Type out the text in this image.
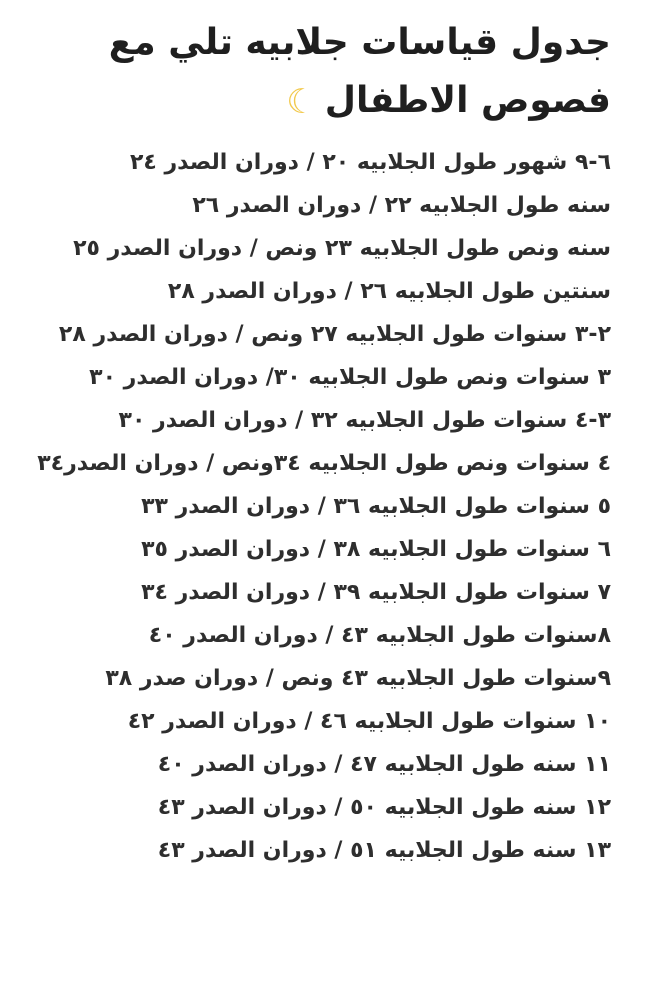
جدول قياسات جلابيه تلي مع
فصوص الاطفال☾
٦-٩ شهور طول الجلابيه ٢٠ / دوران الصدر ٢٤
سنه طول الجلابيه ٢٢ / دوران الصدر ٢٦
سنه ونص طول الجلابيه ٢٣ ونص / دوران الصدر ٢٥
سنتين طول الجلابيه ٢٦ / دوران الصدر ٢٨
٢-٣ سنوات طول الجلابيه ٢٧ ونص / دوران الصدر ٢٨
٣ سنوات ونص طول الجلابيه ٣٠/ دوران الصدر ٣٠
٣-٤ سنوات طول الجلابيه ٣٢ / دوران الصدر ٣٠
٤ سنوات ونص طول الجلابيه ٣٤ونص / دوران الصدر٣٤
٥ سنوات طول الجلابيه ٣٦ / دوران الصدر ٣٣
٦ سنوات طول الجلابيه ٣٨ / دوران الصدر ٣٥
٧ سنوات طول الجلابيه ٣٩ / دوران الصدر ٣٤
٨سنوات طول الجلابيه ٤٣ / دوران الصدر ٤٠
٩سنوات طول الجلابيه ٤٣ ونص / دوران صدر ٣٨
١٠ سنوات طول الجلابيه ٤٦ / دوران الصدر ٤٢
١١ سنه طول الجلابيه ٤٧ / دوران الصدر ٤٠
١٢ سنه طول الجلابيه ٥٠ / دوران الصدر ٤٣
١٣ سنه طول الجلابيه ٥١ / دوران الصدر ٤٣
